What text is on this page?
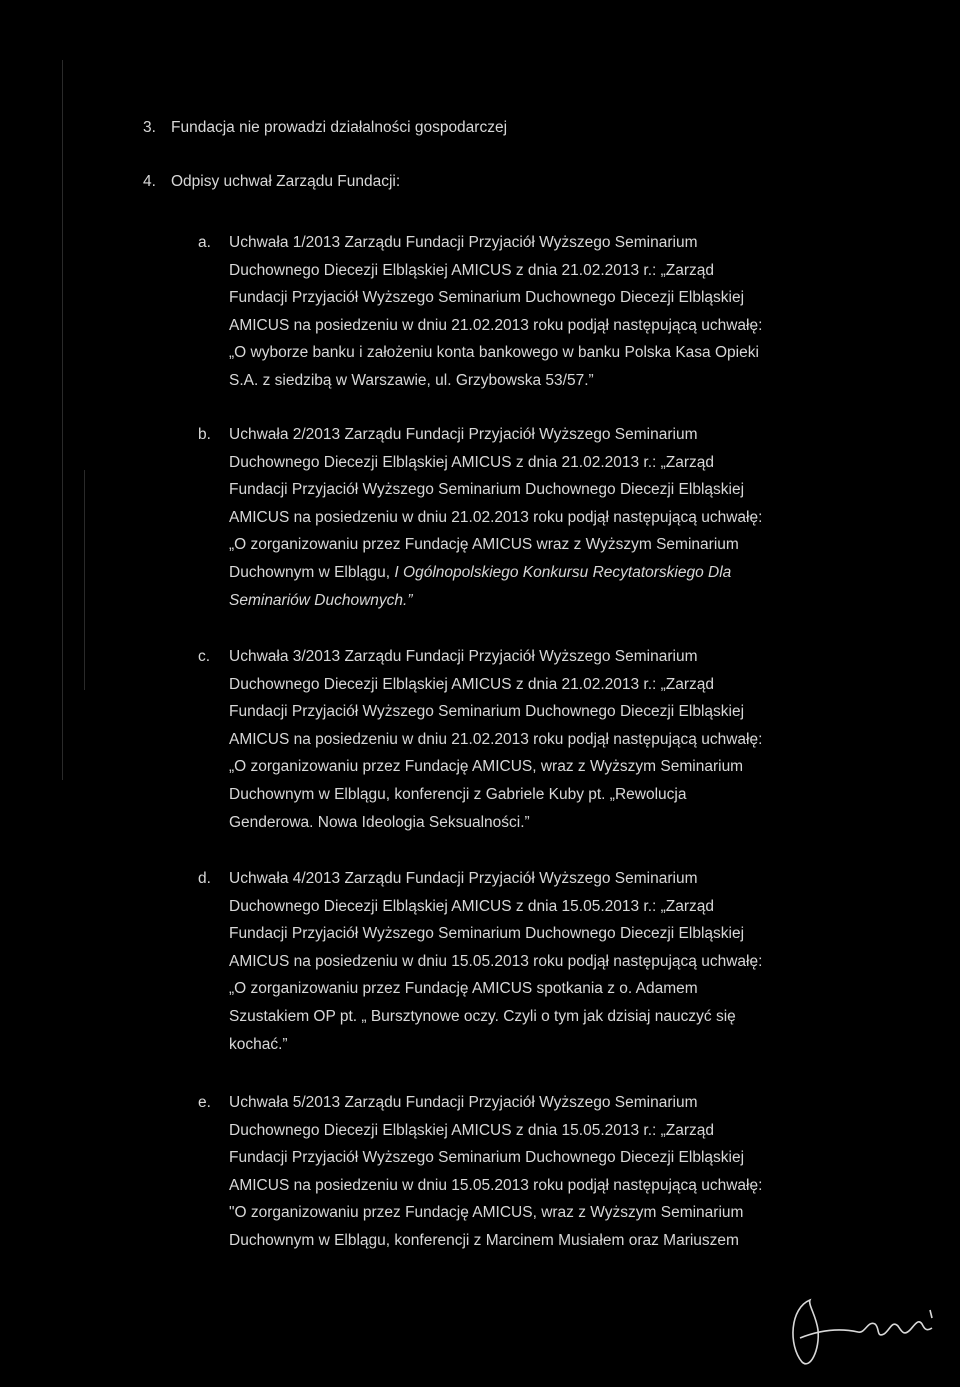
3. Fundacja nie prowadzi działalności gospodarczej
4. Odpisy uchwał Zarządu Fundacji:
a.	Uchwała 1/2013 Zarządu Fundacji Przyjaciół Wyższego Seminarium
Duchownego Diecezji Elbląskiej AMICUS z dnia 21.02.2013 r.: „Zarząd
Fundacji Przyjaciół Wyższego Seminarium Duchownego Diecezji Elbląskiej
AMICUS na posiedzeniu w dniu 21.02.2013 roku podjął następującą uchwałę:
„O wyborze banku i założeniu konta bankowego w banku Polska Kasa Opieki
S.A. z siedzibą w Warszawie, ul. Grzybowska 53/57.”
b.	Uchwała 2/2013 Zarządu Fundacji Przyjaciół Wyższego Seminarium
Duchownego Diecezji Elbląskiej AMICUS z dnia 21.02.2013 r.: „Zarząd
Fundacji Przyjaciół Wyższego Seminarium Duchownego Diecezji Elbląskiej
AMICUS na posiedzeniu w dniu 21.02.2013 roku podjął następującą uchwałę:
„O zorganizowaniu przez Fundację AMICUS wraz z Wyższym Seminarium
Duchownym w Elblągu, I Ogólnopolskiego Konkursu Recytatorskiego Dla
Seminariów Duchownych.”
c.	Uchwała 3/2013 Zarządu Fundacji Przyjaciół Wyższego Seminarium
Duchownego Diecezji Elbląskiej AMICUS z dnia 21.02.2013 r.: „Zarząd
Fundacji Przyjaciół Wyższego Seminarium Duchownego Diecezji Elbląskiej
AMICUS na posiedzeniu w dniu 21.02.2013 roku podjął następującą uchwałę:
„O zorganizowaniu przez Fundację AMICUS, wraz z Wyższym Seminarium
Duchownym w Elblągu, konferencji z Gabriele Kuby pt. „Rewolucja
Genderowa. Nowa Ideologia Seksualności.”
d.	Uchwała 4/2013 Zarządu Fundacji Przyjaciół Wyższego Seminarium
Duchownego Diecezji Elbląskiej AMICUS z dnia 15.05.2013 r.: „Zarząd
Fundacji Przyjaciół Wyższego Seminarium Duchownego Diecezji Elbląskiej
AMICUS na posiedzeniu w dniu 15.05.2013 roku podjął następującą uchwałę:
„O zorganizowaniu przez Fundację AMICUS spotkania z o. Adamem
Szustakiem OP pt. „ Bursztynowe oczy. Czyli o tym jak dzisiaj nauczyć się
kochać.”
e.	Uchwała 5/2013 Zarządu Fundacji Przyjaciół Wyższego Seminarium
Duchownego Diecezji Elbląskiej AMICUS z dnia 15.05.2013 r.: „Zarząd
Fundacji Przyjaciół Wyższego Seminarium Duchownego Diecezji Elbląskiej
AMICUS na posiedzeniu w dniu 15.05.2013 roku podjął następującą uchwałę:
"O zorganizowaniu przez Fundację AMICUS, wraz z Wyższym Seminarium
Duchownym w Elblągu, konferencji z Marcinem Musiałem oraz Mariuszem
